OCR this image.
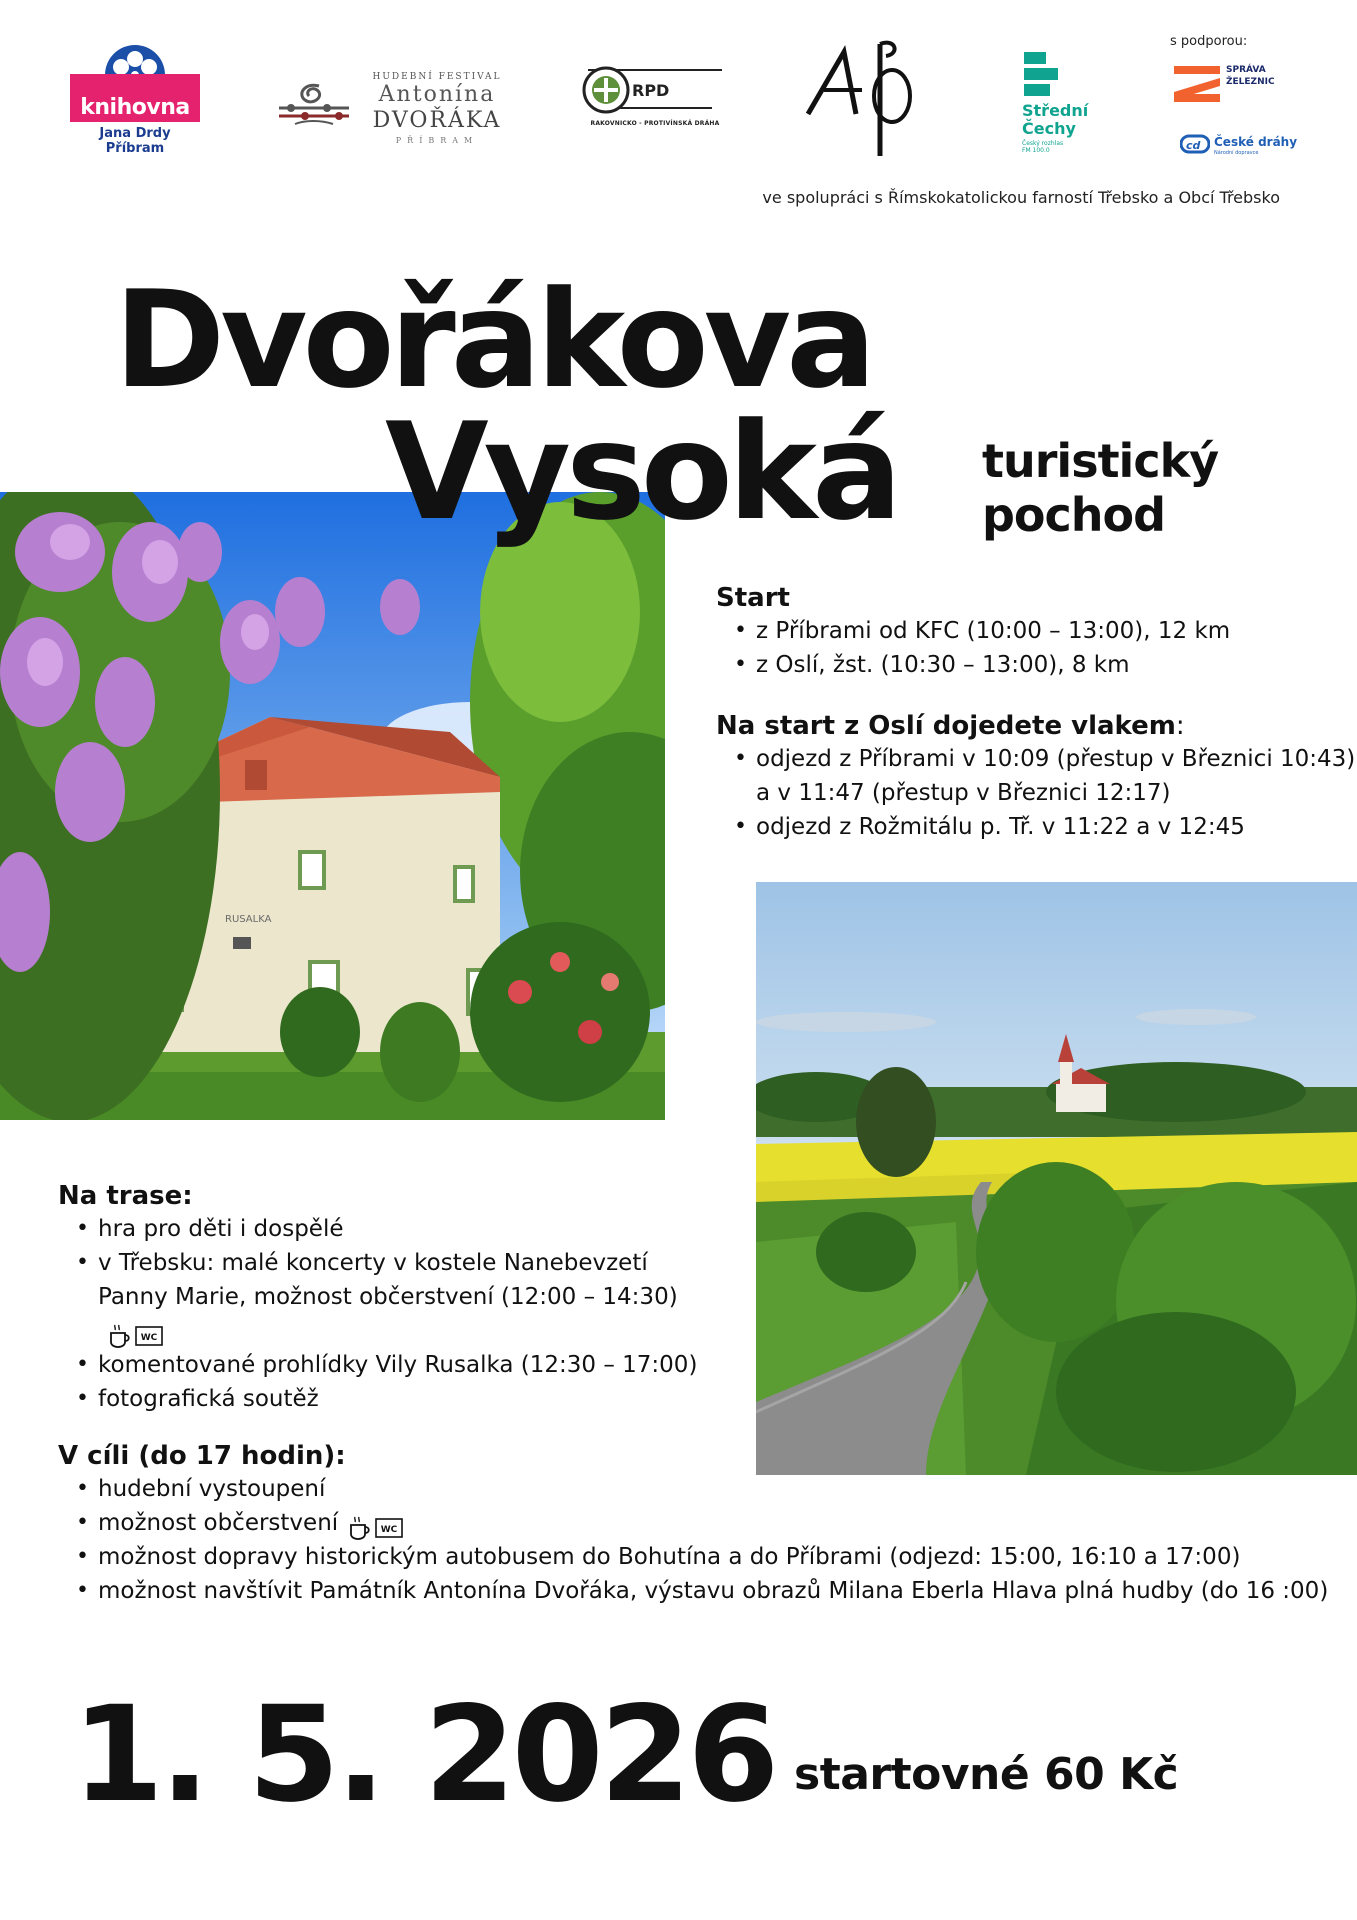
knihovna
Jana Drdy Příbram
HUDEBNÍ FESTIVAL
Antonína
DVOŘÁKA
PŘÍBRAM
RPD
RAKOVNICKO - PROTIVÍNSKÁ DRÁHA
Střední
Čechy
Český rozhlas
FM 100.0
s podporou:
SPRÁVA
ŽELEZNIC
cd České dráhy
Národní dopravce
ve spolupráci s Římskokatolickou farností Třebsko a Obcí Třebsko
Dvořákova
Vysoká turistický
pochod
RUSALKA
Start
• z Příbrami od KFC (10:00 – 13:00), 12 km
• z Oslí, žst. (10:30 – 13:00), 8 km
Na start z Oslí dojedete vlakem:
• odjezd z Příbrami v 10:09 (přestup v Březnici 10:43)
a v 11:47 (přestup v Březnici 12:17)
• odjezd z Rožmitálu p. Tř. v 11:22 a v 12:45
Na trase:
• hra pro děti i dospělé
• v Třebsku: malé koncerty v kostele Nanebevzetí
Panny Marie, možnost občerstvení (12:00 – 14:30)
WC
• komentované prohlídky Vily Rusalka (12:30 – 17:00)
• fotografická soutěž
V cíli (do 17 hodin):
• hudební vystoupení
• možnost občerstvení	WC
• možnost dopravy historickým autobusem do Bohutína a do Příbrami (odjezd: 15:00, 16:10 a 17:00)
• možnost navštívit Památník Antonína Dvořáka, výstavu obrazů Milana Eberla Hlava plná hudby (do 16 :00)
1. 5. 2026 startovné 60 Kč
